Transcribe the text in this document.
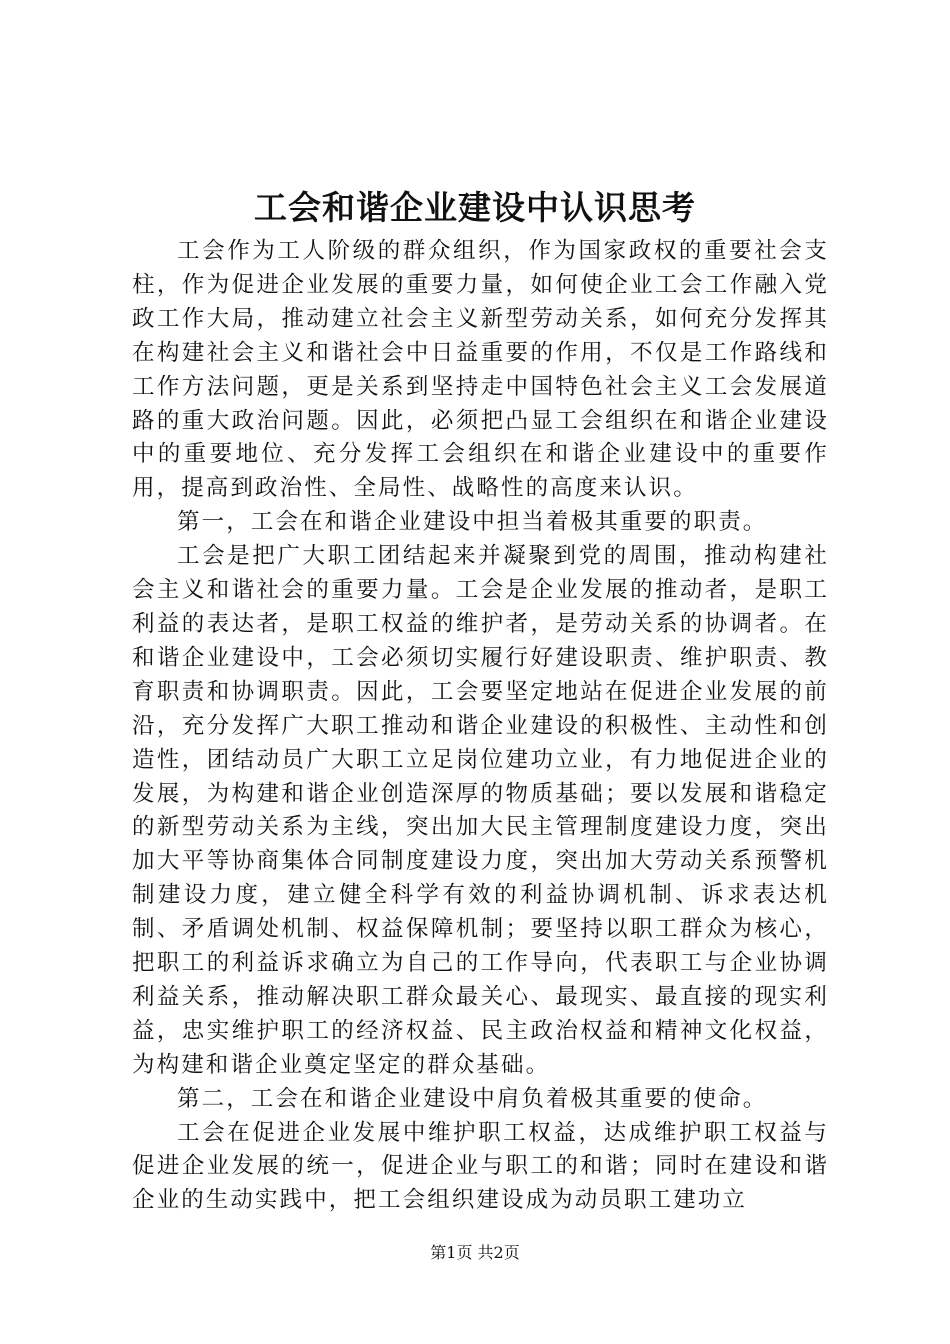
工会和谐企业建设中认识思考

工会作为工人阶级的群众组织，作为国家政权的重要社会支柱，作为促进企业发展的重要力量，如何使企业工会工作融入党政工作大局，推动建立社会主义新型劳动关系，如何充分发挥其在构建社会主义和谐社会中日益重要的作用，不仅是工作路线和工作方法问题，更是关系到坚持走中国特色社会主义工会发展道路的重大政治问题。因此，必须把凸显工会组织在和谐企业建设中的重要地位、充分发挥工会组织在和谐企业建设中的重要作用，提高到政治性、全局性、战略性的高度来认识。

第一，工会在和谐企业建设中担当着极其重要的职责。

工会是把广大职工团结起来并凝聚到党的周围，推动构建社会主义和谐社会的重要力量。工会是企业发展的推动者，是职工利益的表达者，是职工权益的维护者，是劳动关系的协调者。在和谐企业建设中，工会必须切实履行好建设职责、维护职责、教育职责和协调职责。因此，工会要坚定地站在促进企业发展的前沿，充分发挥广大职工推动和谐企业建设的积极性、主动性和创造性，团结动员广大职工立足岗位建功立业，有力地促进企业的发展，为构建和谐企业创造深厚的物质基础；要以发展和谐稳定的新型劳动关系为主线，突出加大民主管理制度建设力度，突出加大平等协商集体合同制度建设力度，突出加大劳动关系预警机制建设力度，建立健全科学有效的利益协调机制、诉求表达机制、矛盾调处机制、权益保障机制；要坚持以职工群众为核心，把职工的利益诉求确立为自己的工作导向，代表职工与企业协调利益关系，推动解决职工群众最关心、最现实、最直接的现实利益，忠实维护职工的经济权益、民主政治权益和精神文化权益，为构建和谐企业奠定坚定的群众基础。

第二，工会在和谐企业建设中肩负着极其重要的使命。

工会在促进企业发展中维护职工权益，达成维护职工权益与促进企业发展的统一，促进企业与职工的和谐；同时在建设和谐企业的生动实践中，把工会组织建设成为动员职工建功立

第1页 共2页
